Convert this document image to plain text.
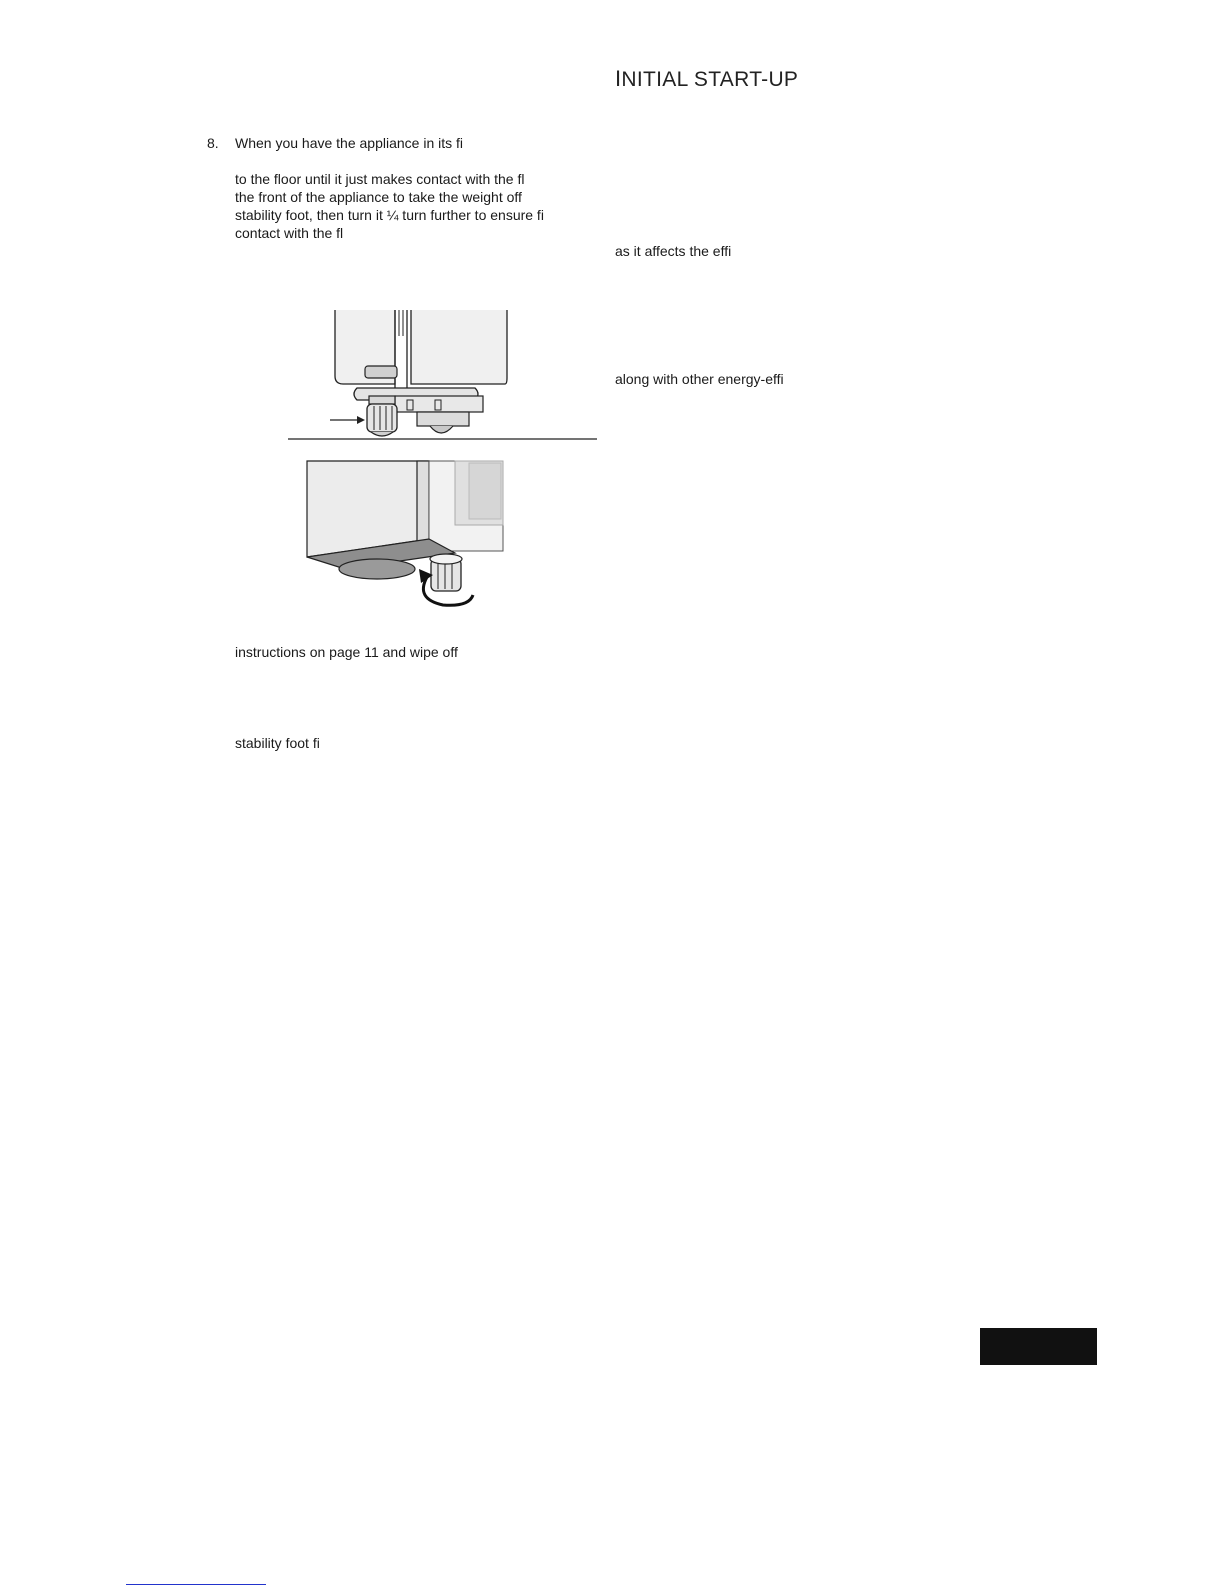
INITIAL START-UP
8. When you have the appliance in its fi
to the floor until it just makes contact with the fl
the front of the appliance to take the weight off
stability foot, then turn it ¼ turn further to ensure fi
contact with the fl
instructions on page 11 and wipe off
stability foot fi
as it affects the effi
along with other energy-effi
